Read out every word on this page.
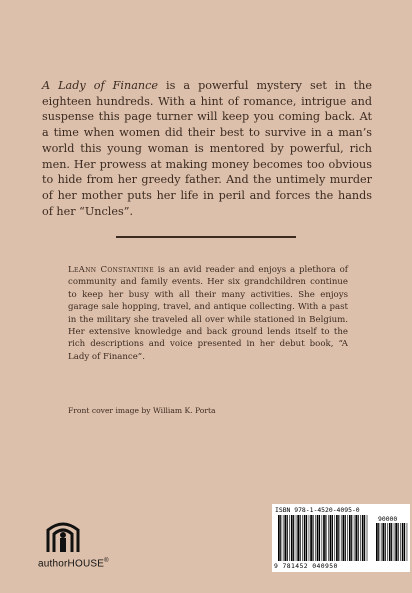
A Lady of Finance is a powerful mystery set in the eighteen hundreds. With a hint of romance, intrigue and suspense this page turner will keep you coming back. At a time when women did their best to survive in a man’s world this young woman is mentored by powerful, rich men. Her prowess at making money becomes too obvious to hide from her greedy father. And the untimely murder of her mother puts her life in peril and forces the hands of her “Uncles”.

LeAnn Constantine is an avid reader and enjoys a plethora of community and family events. Her six grandchildren continue to keep her busy with all their many activities. She enjoys garage sale hopping, travel, and antique collecting. With a past in the military she traveled all over while stationed in Belgium. Her extensive knowledge and back ground lends itself to the rich descriptions and voice presented in her debut book, “A Lady of Finance”.

Front cover image by William K. Porta

authorHOUSE®
ISBN 978-1-4520-4095-0
90000
9 781452 040950
